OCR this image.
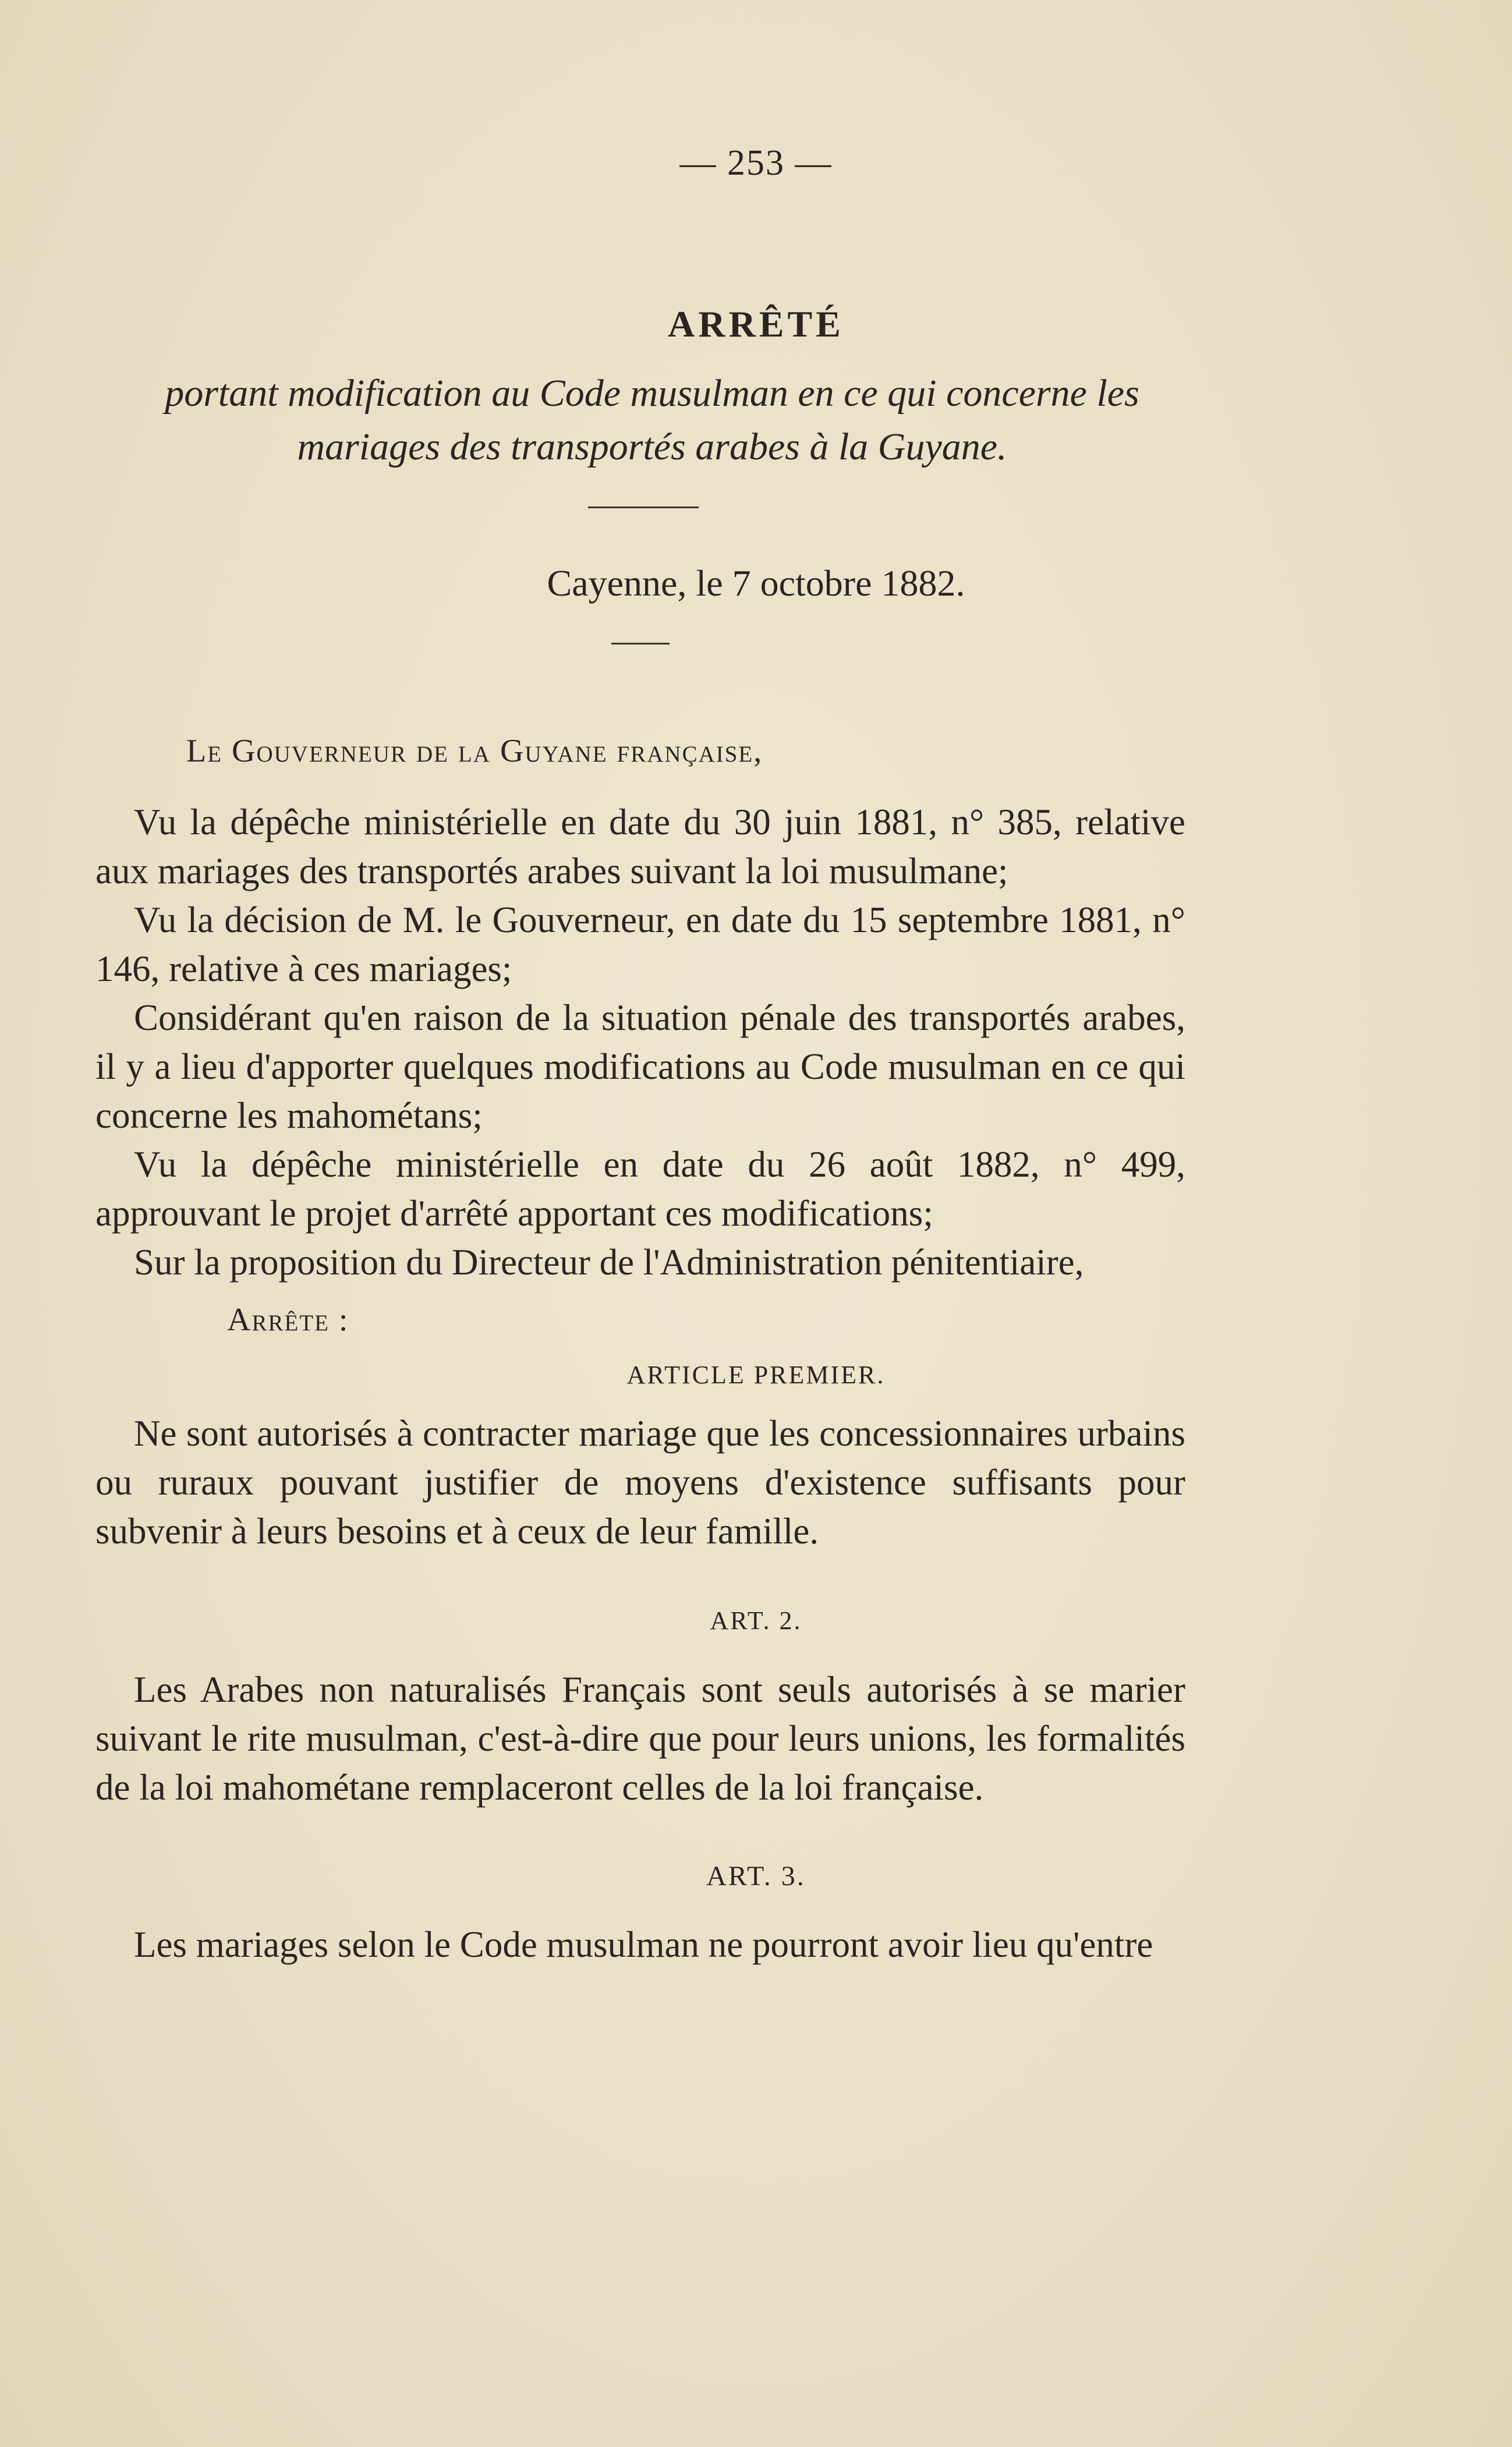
— 253 —
ARRÊTÉ
portant modification au Code musulman en ce qui concerne les mariages des transportés arabes à la Guyane.
Cayenne, le 7 octobre 1882.
Le Gouverneur de la Guyane française,

Vu la dépêche ministérielle en date du 30 juin 1881, n° 385, relative aux mariages des transportés arabes suivant la loi musulmane;

Vu la décision de M. le Gouverneur, en date du 15 septembre 1881, n° 146, relative à ces mariages;

Considérant qu'en raison de la situation pénale des transportés arabes, il y a lieu d'apporter quelques modifications au Code musulman en ce qui concerne les mahométans;

Vu la dépêche ministérielle en date du 26 août 1882, n° 499, approuvant le projet d'arrêté apportant ces modifications;

Sur la proposition du Directeur de l'Administration pénitentiaire,

Arrête :
ARTICLE PREMIER.

Ne sont autorisés à contracter mariage que les concessionnaires urbains ou ruraux pouvant justifier de moyens d'existence suffisants pour subvenir à leurs besoins et à ceux de leur famille.

ART. 2.

Les Arabes non naturalisés Français sont seuls autorisés à se marier suivant le rite musulman, c'est-à-dire que pour leurs unions, les formalités de la loi mahométane remplaceront celles de la loi française.

ART. 3.

Les mariages selon le Code musulman ne pourront avoir lieu qu'entre
